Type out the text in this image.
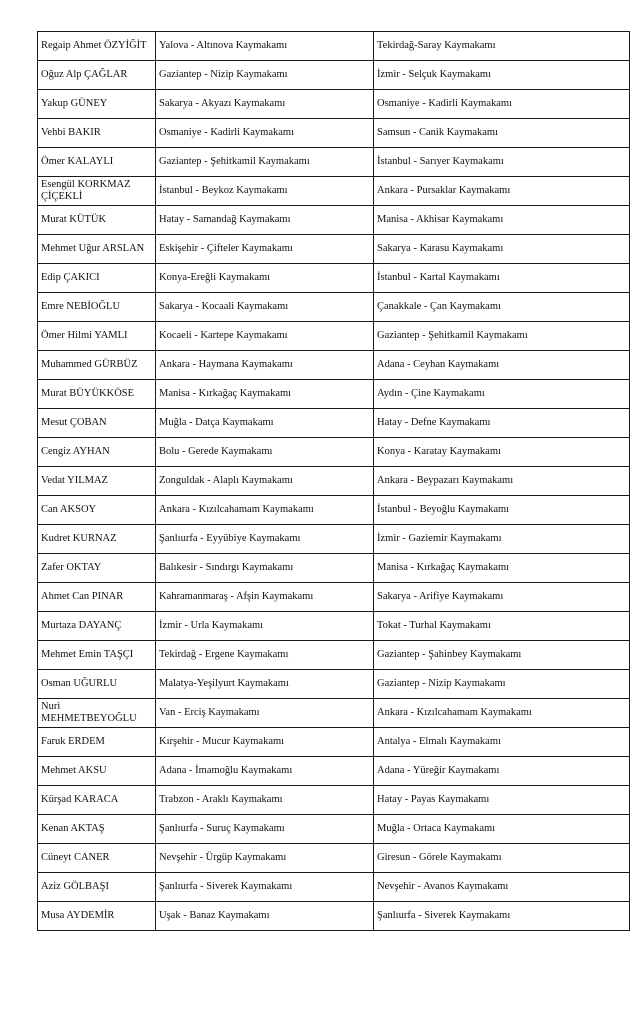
Regaip Ahmet ÖZYİĞİT	Yalova - Altınova Kaymakamı	Tekirdağ-Saray Kaymakamı
Oğuz Alp ÇAĞLAR	Gaziantep - Nizip Kaymakamı	İzmir - Selçuk Kaymakamı
Yakup GÜNEY	Sakarya - Akyazı Kaymakamı	Osmaniye - Kadirli Kaymakamı
Vehbi BAKIR	Osmaniye - Kadirli Kaymakamı	Samsun - Canik Kaymakamı
Ömer KALAYLI	Gaziantep - Şehitkamil Kaymakamı	İstanbul - Sarıyer Kaymakamı
Esengül KORKMAZ ÇİÇEKLİ	İstanbul - Beykoz Kaymakamı	Ankara - Pursaklar Kaymakamı
Murat KÜTÜK	Hatay - Samandağ Kaymakamı	Manisa - Akhisar Kaymakamı
Mehmet Uğur ARSLAN	Eskişehir - Çifteler Kaymakamı	Sakarya - Karasu Kaymakamı
Edip ÇAKICI	Konya-Ereğli Kaymakamı	İstanbul - Kartal Kaymakamı
Emre NEBİOĞLU	Sakarya - Kocaali Kaymakamı	Çanakkale - Çan Kaymakamı
Ömer Hilmi YAMLI	Kocaeli - Kartepe Kaymakamı	Gaziantep - Şehitkamil Kaymakamı
Muhammed GÜRBÜZ	Ankara - Haymana Kaymakamı	Adana - Ceyhan Kaymakamı
Murat BÜYÜKKÖSE	Manisa - Kırkağaç Kaymakamı	Aydın - Çine Kaymakamı
Mesut ÇOBAN	Muğla - Datça Kaymakamı	Hatay - Defne Kaymakamı
Cengiz AYHAN	Bolu - Gerede Kaymakamı	Konya - Karatay Kaymakamı
Vedat YILMAZ	Zonguldak - Alaplı Kaymakamı	Ankara - Beypazarı Kaymakamı
Can AKSOY	Ankara - Kızılcahamam Kaymakamı	İstanbul - Beyoğlu Kaymakamı
Kudret KURNAZ	Şanlıurfa - Eyyübiye Kaymakamı	İzmir - Gaziemir Kaymakamı
Zafer OKTAY	Balıkesir - Sındırgı Kaymakamı	Manisa - Kırkağaç Kaymakamı
Ahmet Can PINAR	Kahramanmaraş - Afşin Kaymakamı	Sakarya - Arifiye Kaymakamı
Murtaza DAYANÇ	İzmir - Urla Kaymakamı	Tokat - Turhal Kaymakamı
Mehmet Emin TAŞÇI	Tekirdağ - Ergene Kaymakamı	Gaziantep - Şahinbey Kaymakamı
Osman UĞURLU	Malatya-Yeşilyurt Kaymakamı	Gaziantep - Nizip Kaymakamı
Nuri MEHMETBEYOĞLU	Van - Erciş Kaymakamı	Ankara - Kızılcahamam Kaymakamı
Faruk ERDEM	Kırşehir - Mucur Kaymakamı	Antalya - Elmalı Kaymakamı
Mehmet AKSU	Adana - İmamoğlu Kaymakamı	Adana - Yüreğir Kaymakamı
Kürşad KARACA	Trabzon - Araklı Kaymakamı	Hatay - Payas Kaymakamı
Kenan AKTAŞ	Şanlıurfa - Suruç Kaymakamı	Muğla - Ortaca Kaymakamı
Cüneyt CANER	Nevşehir - Ürgüp Kaymakamı	Giresun - Görele Kaymakamı
Aziz GÖLBAŞI	Şanlıurfa - Siverek Kaymakamı	Nevşehir - Avanos Kaymakamı
Musa AYDEMİR	Uşak - Banaz Kaymakamı	Şanlıurfa - Siverek Kaymakamı
